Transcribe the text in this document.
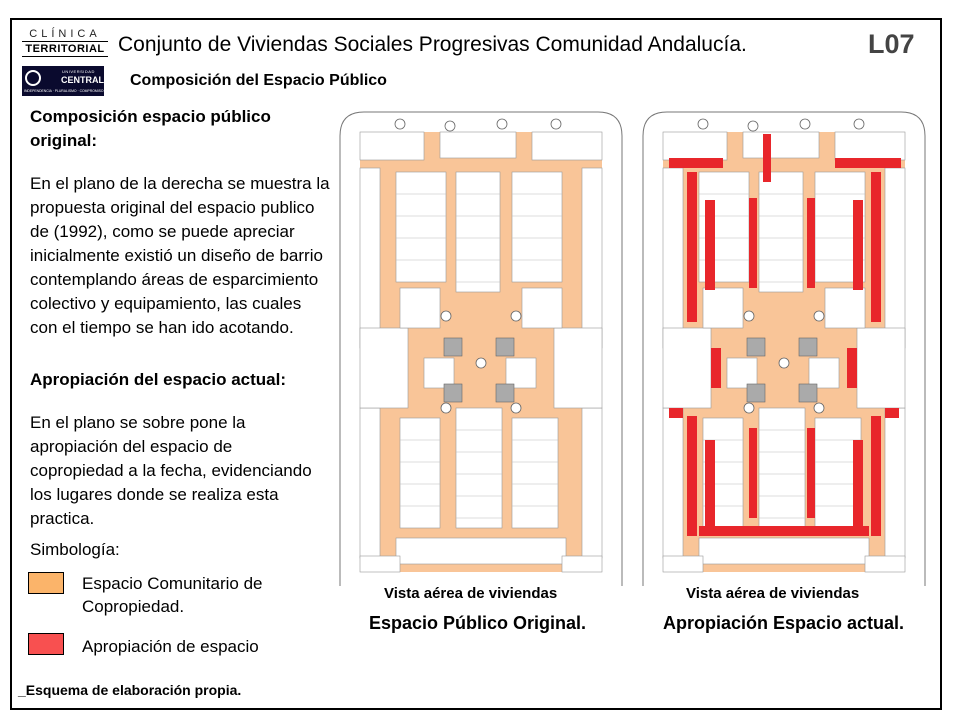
CLÍNICA
TERRITORIAL
UNIVERSIDAD
CENTRAL
INDEPENDENCIA · PLURALISMO · COMPROMISO
Conjunto de Viviendas Sociales Progresivas Comunidad Andalucía.	L07
Composición del Espacio Público
Composición espacio público original:
En el plano de la derecha se muestra la propuesta original del espacio publico de (1992), como se puede apreciar inicialmente existió un diseño de barrio contemplando áreas de esparcimiento colectivo y equipamiento, las cuales con el tiempo se han ido acotando.
Apropiación del espacio actual:
En el plano se sobre pone la apropiación del espacio de copropiedad a la fecha, evidenciando los lugares donde se realiza esta practica.
Simbología:
Espacio Comunitario de Copropiedad.
Apropiación de espacio
_Esquema de elaboración propia.
Vista aérea de viviendas	Vista aérea de viviendas
Espacio Público Original.	Apropiación Espacio actual.
